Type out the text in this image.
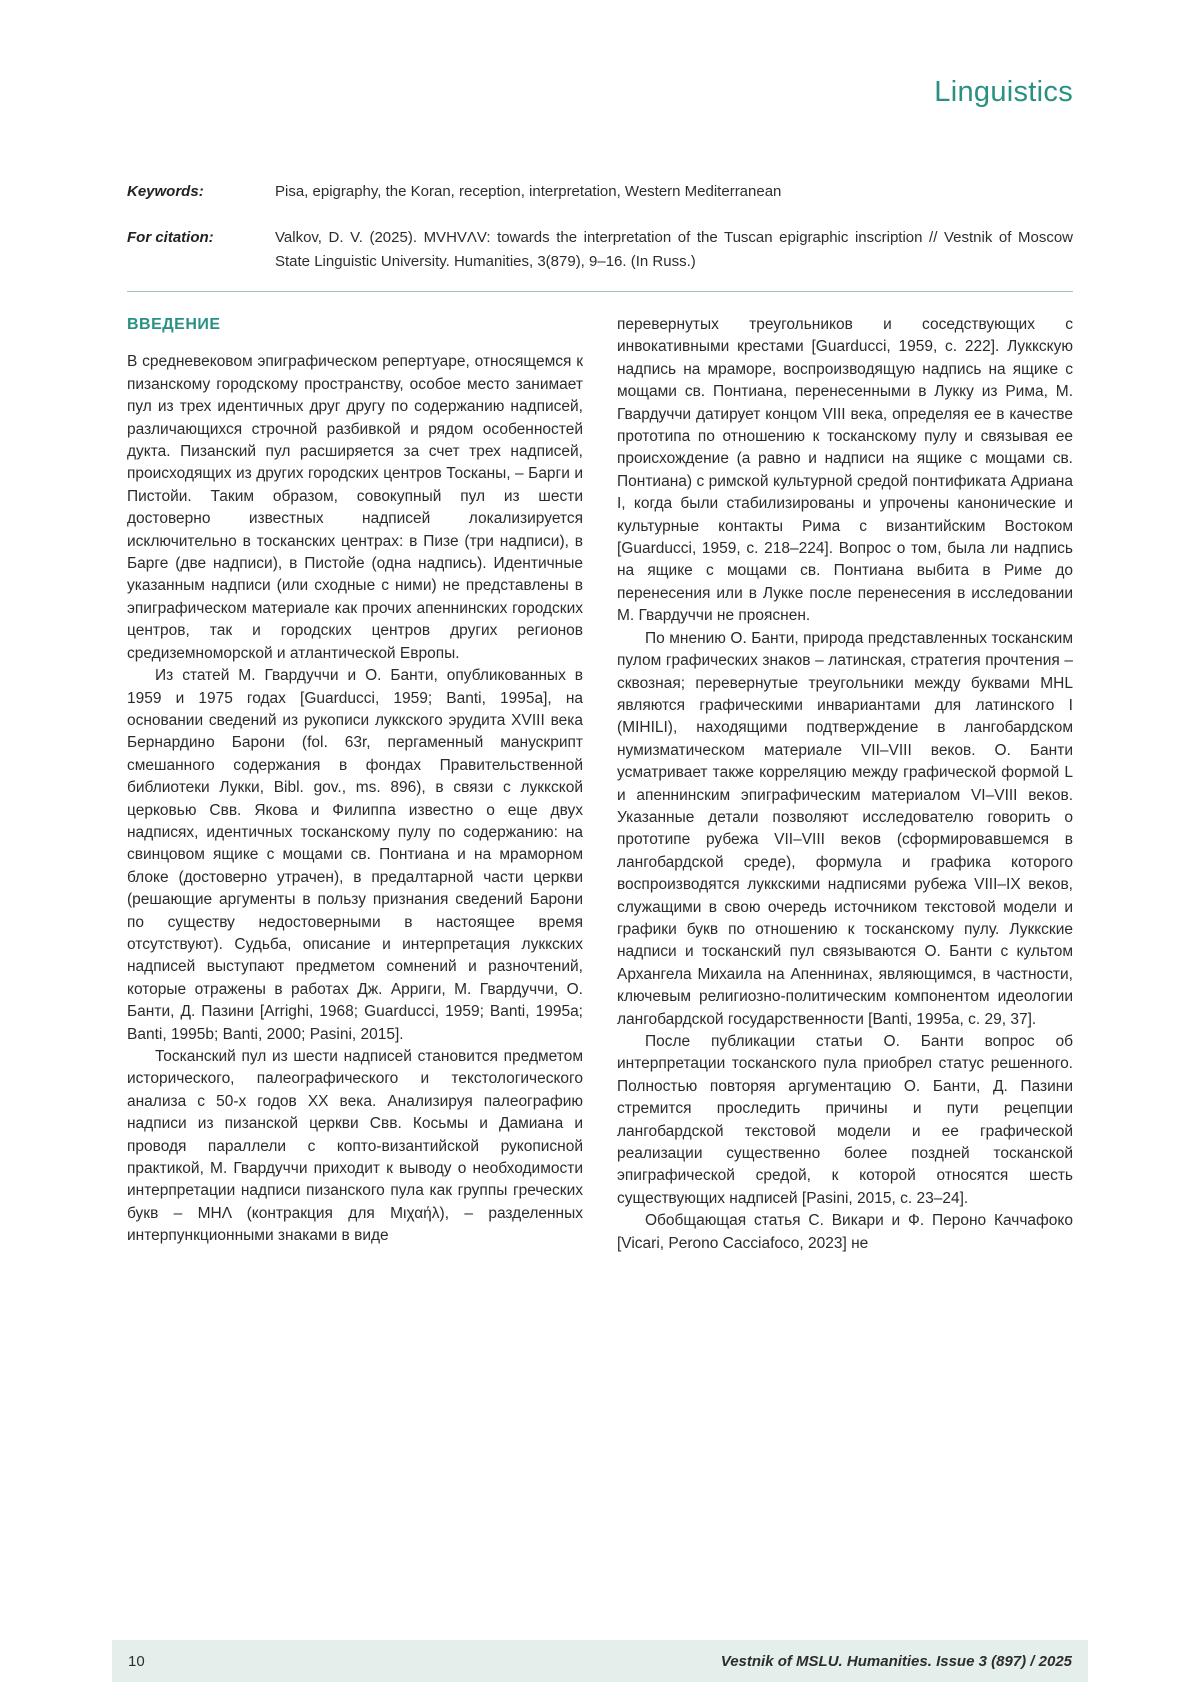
Linguistics
Keywords:	Pisa, epigraphy, the Koran, reception, interpretation, Western Mediterranean
For citation:	Valkov, D. V. (2025). MVHVΛV: towards the interpretation of the Tuscan epigraphic inscription // Vestnik of Moscow State Linguistic University. Humanities, 3(879), 9–16. (In Russ.)
ВВЕДЕНИЕ

В средневековом эпиграфическом репертуаре, относящемся к пизанскому городскому пространству, особое место занимает пул из трех идентичных друг другу по содержанию надписей, различающихся строчной разбивкой и рядом особенностей дукта. Пизанский пул расширяется за счет трех надписей, происходящих из других городских центров Тосканы, – Барги и Пистойи. Таким образом, совокупный пул из шести достоверно известных надписей локализируется исключительно в тосканских центрах: в Пизе (три надписи), в Барге (две надписи), в Пистойе (одна надпись). Идентичные указанным надписи (или сходные с ними) не представлены в эпиграфическом материале как прочих апеннинских городских центров, так и городских центров других регионов средиземноморской и атлантической Европы.

Из статей М. Гвардуччи и О. Банти, опубликованных в 1959 и 1975 годах [Guarducci, 1959; Banti, 1995a], на основании сведений из рукописи луккского эрудита XVIII века Бернардино Барони (fol. 63r, пергаменный манускрипт смешанного содержания в фондах Правительственной библиотеки Лукки, Bibl. gov., ms. 896), в связи с луккской церковью Свв. Якова и Филиппа известно о еще двух надписях, идентичных тосканскому пулу по содержанию: на свинцовом ящике с мощами св. Понтиана и на мраморном блоке (достоверно утрачен), в предалтарной части церкви (решающие аргументы в пользу признания сведений Барони по существу недостоверными в настоящее время отсутствуют). Судьба, описание и интерпретация луккских надписей выступают предметом сомнений и разночтений, которые отражены в работах Дж. Арриги, М. Гвардуччи, О. Банти, Д. Пазини [Arrighi, 1968; Guarducci, 1959; Banti, 1995a; Banti, 1995b; Banti, 2000; Pasini, 2015].

Тосканский пул из шести надписей становится предметом исторического, палеографического и текстологического анализа с 50-х годов XX века. Анализируя палеографию надписи из пизанской церкви Свв. Косьмы и Дамиана и проводя параллели с копто-византийской рукописной практикой, М. Гвардуччи приходит к выводу о необходимости интерпретации надписи пизанского пула как группы греческих букв – MHΛ (контракция для Μιχαήλ), – разделенных интерпункционными знаками в виде

перевернутых треугольников и соседствующих с инвокативными крестами [Guarducci, 1959, с. 222]. Луккскую надпись на мраморе, воспроизводящую надпись на ящике с мощами св. Понтиана, перенесенными в Лукку из Рима, М. Гвардуччи датирует концом VIII века, определяя ее в качестве прототипа по отношению к тосканскому пулу и связывая ее происхождение (а равно и надписи на ящике с мощами св. Понтиана) с римской культурной средой понтификата Адриана I, когда были стабилизированы и упрочены канонические и культурные контакты Рима с византийским Востоком [Guarducci, 1959, с. 218–224]. Вопрос о том, была ли надпись на ящике с мощами св. Понтиана выбита в Риме до перенесения или в Лукке после перенесения в исследовании М. Гвардуччи не прояснен.

По мнению О. Банти, природа представленных тосканским пулом графических знаков – латинская, стратегия прочтения – сквозная; перевернутые треугольники между буквами MHL являются графическими инвариантами для латинского I (MIHILI), находящими подтверждение в лангобардском нумизматическом материале VII–VIII веков. О. Банти усматривает также корреляцию между графической формой L и апеннинским эпиграфическим материалом VI–VIII веков. Указанные детали позволяют исследователю говорить о прототипе рубежа VII–VIII веков (сформировавшемся в лангобардской среде), формула и графика которого воспроизводятся луккскими надписями рубежа VIII–IX веков, служащими в свою очередь источником текстовой модели и графики букв по отношению к тосканскому пулу. Луккские надписи и тосканский пул связываются О. Банти с культом Архангела Михаила на Апеннинах, являющимся, в частности, ключевым религиозно-политическим компонентом идеологии лангобардской государственности [Banti, 1995a, с. 29, 37].

После публикации статьи О. Банти вопрос об интерпретации тосканского пула приобрел статус решенного. Полностью повторяя аргументацию О. Банти, Д. Пазини стремится проследить причины и пути рецепции лангобардской текстовой модели и ее графической реализации существенно более поздней тосканской эпиграфической средой, к которой относятся шесть существующих надписей [Pasini, 2015, с. 23–24].

Обобщающая статья С. Викари и Ф. Пероно Каччафоко [Vicari, Perono Cacciafoco, 2023] не

10	Vestnik of MSLU. Humanities. Issue 3 (897) / 2025
